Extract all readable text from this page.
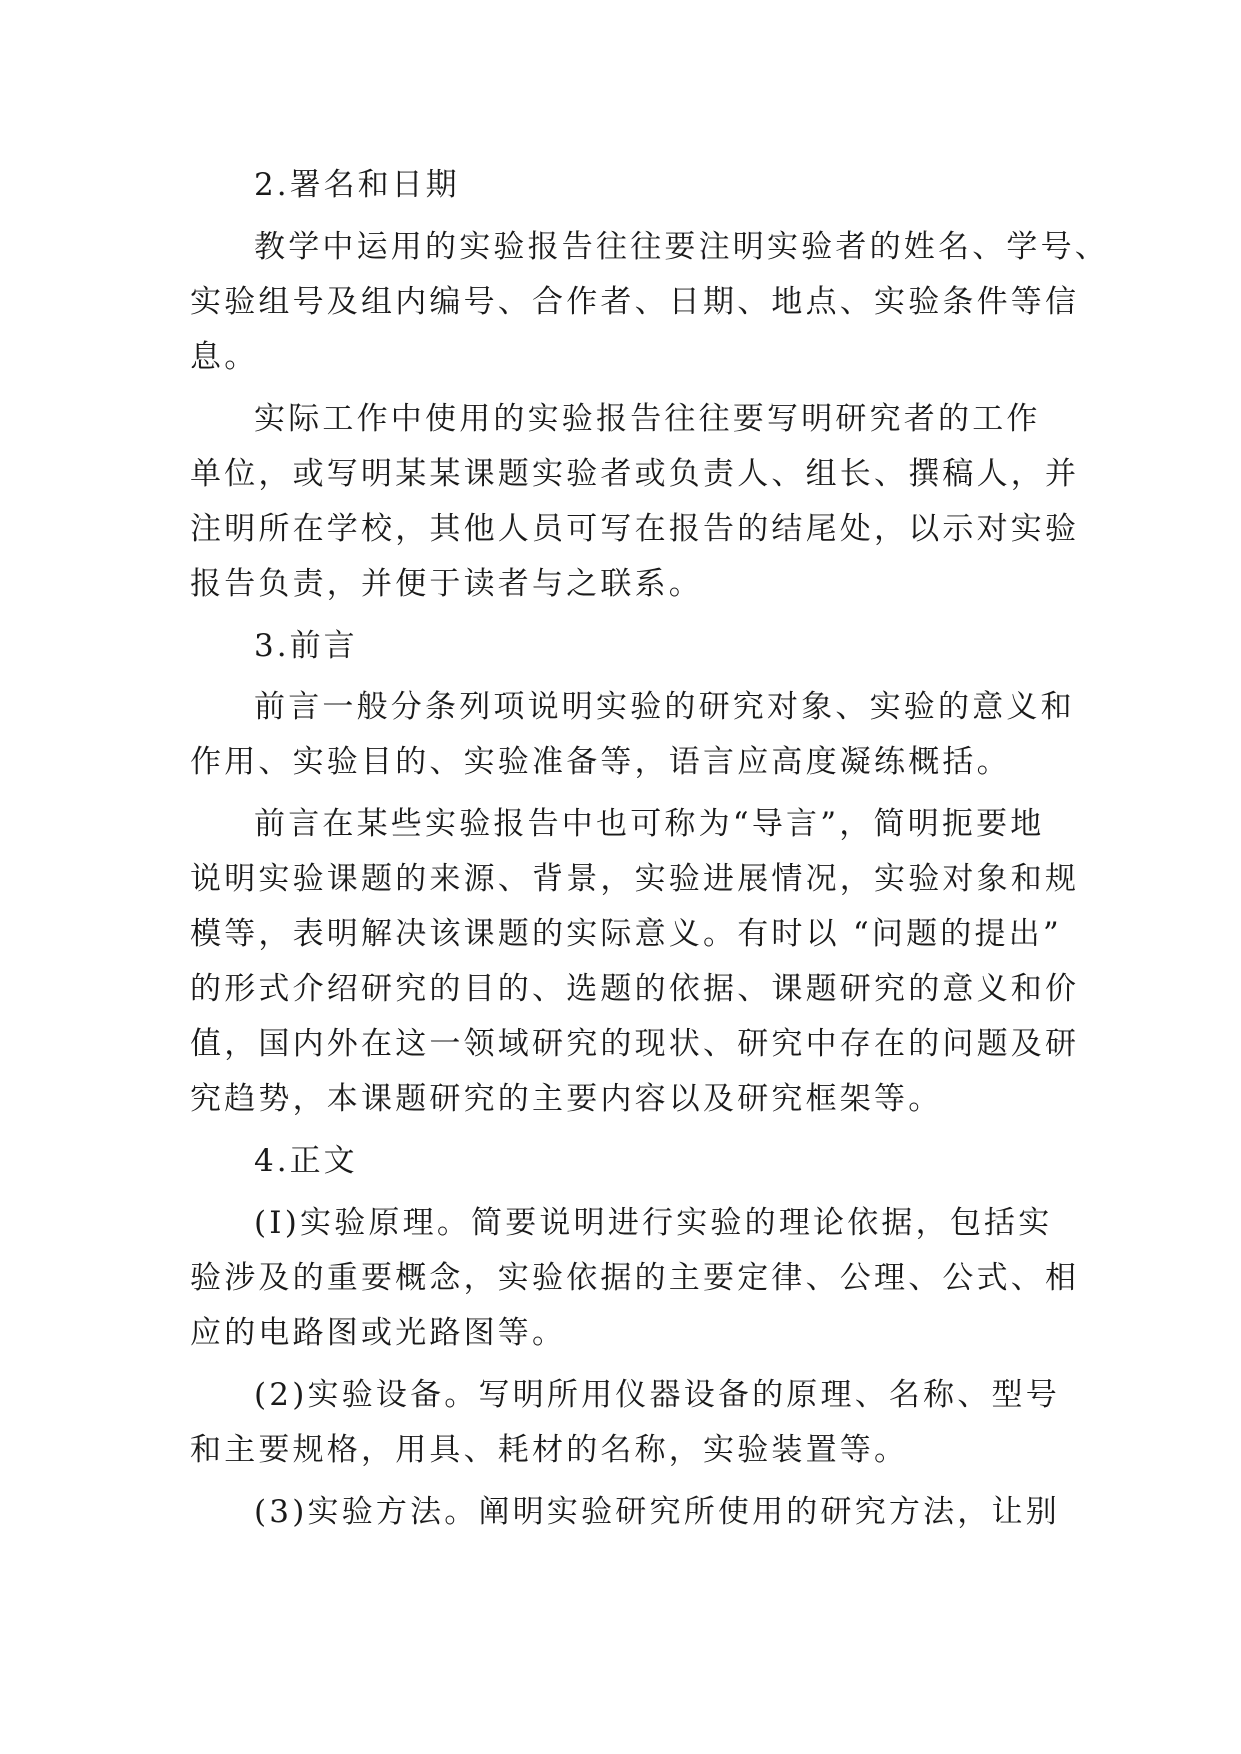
2.署名和日期
教学中运用的实验报告往往要注明实验者的姓名、学号、
实验组号及组内编号、合作者、日期、地点、实验条件等信
息。
实际工作中使用的实验报告往往要写明研究者的工作
单位，或写明某某课题实验者或负责人、组长、撰稿人，并
注明所在学校，其他人员可写在报告的结尾处，以示对实验
报告负责，并便于读者与之联系。
3.前言
前言一般分条列项说明实验的研究对象、实验的意义和
作用、实验目的、实验准备等，语言应高度凝练概括。
前言在某些实验报告中也可称为“导言”，简明扼要地
说明实验课题的来源、背景，实验进展情况，实验对象和规
模等，表明解决该课题的实际意义。有时以 “问题的提出”
的形式介绍研究的目的、选题的依据、课题研究的意义和价
值，国内外在这一领域研究的现状、研究中存在的问题及研
究趋势，本课题研究的主要内容以及研究框架等。
4.正文
(I)实验原理。简要说明进行实验的理论依据，包括实
验涉及的重要概念，实验依据的主要定律、公理、公式、相
应的电路图或光路图等。
(2)实验设备。写明所用仪器设备的原理、名称、型号
和主要规格，用具、耗材的名称，实验装置等。
(3)实验方法。阐明实验研究所使用的研究方法，让别
